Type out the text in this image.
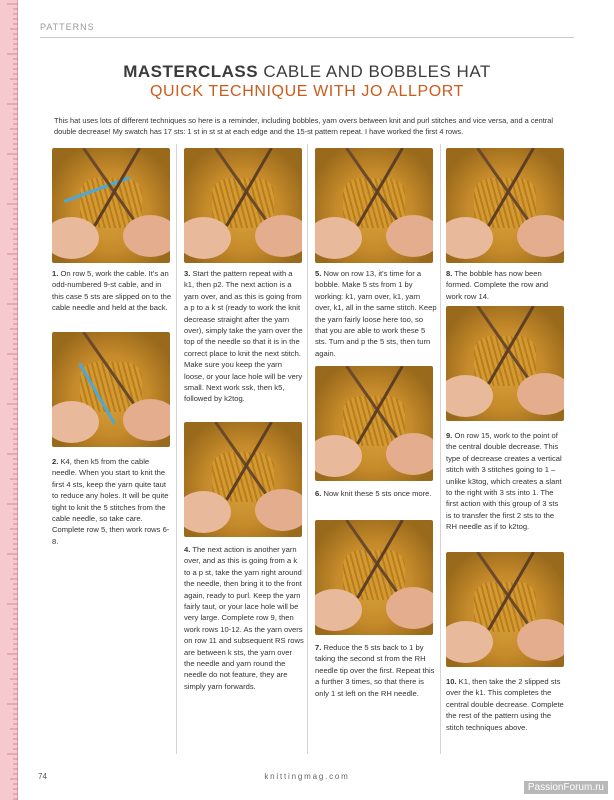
PATTERNS
MASTERCLASS CABLE AND BOBBLES HAT
QUICK TECHNIQUE WITH JO ALLPORT
This hat uses lots of different techniques so here is a reminder, including bobbles, yarn overs between knit and purl stitches and vice versa, and a central double decrease! My swatch has 17 sts: 1 st in st st at each edge and the 15-st pattern repeat. I have worked the first 4 rows.
1. On row 5, work the cable. It's an odd-numbered 9-st cable, and in this case 5 sts are slipped on to the cable needle and held at the back.
2. K4, then k5 from the cable needle. When you start to knit the first 4 sts, keep the yarn quite taut to reduce any holes. It will be quite tight to knit the 5 stitches from the cable needle, so take care. Complete row 5, then work rows 6-8.
3. Start the pattern repeat with a k1, then p2. The next action is a yarn over, and as this is going from a p to a k st (ready to work the knit decrease straight after the yarn over), simply take the yarn over the top of the needle so that it is in the correct place to knit the next stitch. Make sure you keep the yarn loose, or your lace hole will be very small. Next work ssk, then k5, followed by k2tog.
4. The next action is another yarn over, and as this is going from a k to a p st, take the yarn right around the needle, then bring it to the front again, ready to purl. Keep the yarn fairly taut, or your lace hole will be very large. Complete row 9, then work rows 10-12. As the yarn overs on row 11 and subsequent RS rows are between k sts, the yarn over the needle and yarn round the needle do not feature, they are simply yarn forwards.
5. Now on row 13, it's time for a bobble. Make 5 sts from 1 by working: k1, yarn over, k1, yarn over, k1, all in the same stitch. Keep the yarn fairly loose here too, so that you are able to work these 5 sts. Turn and p the 5 sts, then turn again.
6. Now knit these 5 sts once more.
7. Reduce the 5 sts back to 1 by taking the second st from the RH needle tip over the first. Repeat this a further 3 times, so that there is only 1 st left on the RH needle.
8. The bobble has now been formed. Complete the row and work row 14.
9. On row 15, work to the point of the central double decrease. This type of decrease creates a vertical stitch with 3 stitches going to 1 – unlike k3tog, which creates a slant to the right with 3 sts into 1. The first action with this group of 3 sts is to transfer the first 2 sts to the RH needle as if to k2tog.
10. K1, then take the 2 slipped sts over the k1. This completes the central double decrease. Complete the rest of the pattern using the stitch techniques above.
74	knittingmag.com
PassionForum.ru
